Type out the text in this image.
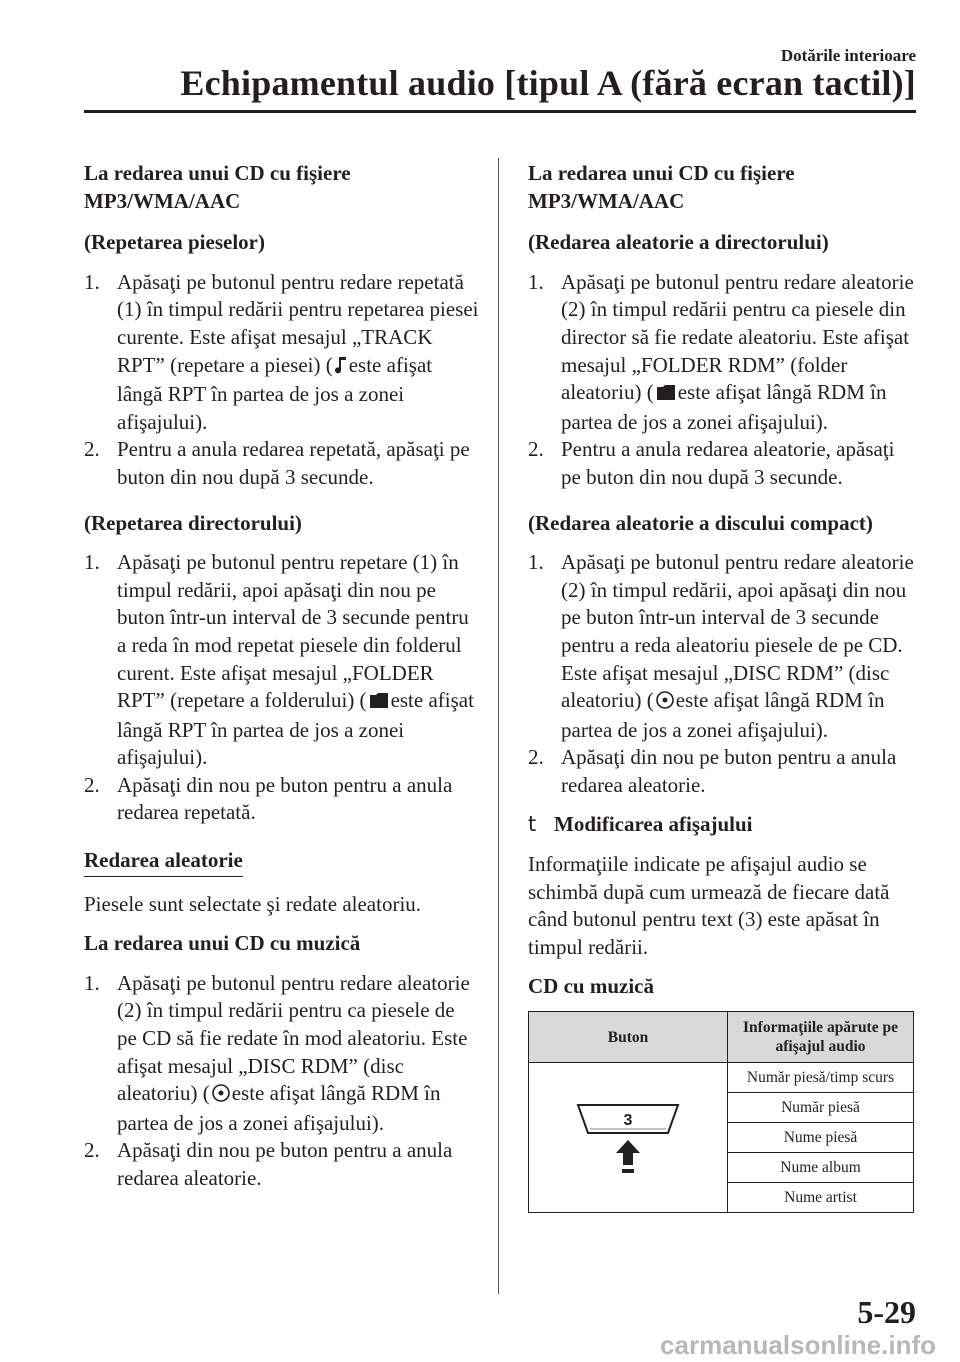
Dotările interioare
Echipamentul audio [tipul A (fără ecran tactil)]
La redarea unui CD cu fişiere
MP3/WMA/AAC
(Repetarea pieselor)
1. Apăsaţi pe butonul pentru redare repetată (1) în timpul redării pentru repetarea piesei curente. Este afişat mesajul „TRACK RPT” (repetare a piesei) ( este afişat lângă RPT în partea de jos a zonei afişajului).
2. Pentru a anula redarea repetată, apăsaţi pe buton din nou după 3 secunde.
(Repetarea directorului)
1. Apăsaţi pe butonul pentru repetare (1) în timpul redării, apoi apăsaţi din nou pe buton într-un interval de 3 secunde pentru a reda în mod repetat piesele din folderul curent. Este afişat mesajul „FOLDER RPT” (repetare a folderului) ( este afişat lângă RPT în partea de jos a zonei afişajului).
2. Apăsaţi din nou pe buton pentru a anula redarea repetată.
Redarea aleatorie
Piesele sunt selectate şi redate aleatoriu.
La redarea unui CD cu muzică
1. Apăsaţi pe butonul pentru redare aleatorie (2) în timpul redării pentru ca piesele de pe CD să fie redate în mod aleatoriu. Este afişat mesajul „DISC RDM” (disc aleatoriu) ( este afişat lângă RDM în partea de jos a zonei afişajului).
2. Apăsaţi din nou pe buton pentru a anula redarea aleatorie.
La redarea unui CD cu fişiere
MP3/WMA/AAC
(Redarea aleatorie a directorului)
1. Apăsaţi pe butonul pentru redare aleatorie (2) în timpul redării pentru ca piesele din director să fie redate aleatoriu. Este afişat mesajul „FOLDER RDM” (folder aleatoriu) ( este afişat lângă RDM în partea de jos a zonei afişajului).
2. Pentru a anula redarea aleatorie, apăsaţi pe buton din nou după 3 secunde.
(Redarea aleatorie a discului compact)
1. Apăsaţi pe butonul pentru redare aleatorie (2) în timpul redării, apoi apăsaţi din nou pe buton într-un interval de 3 secunde pentru a reda aleatoriu piesele de pe CD. Este afişat mesajul „DISC RDM” (disc aleatoriu) ( este afişat lângă RDM în partea de jos a zonei afişajului).
2. Apăsaţi din nou pe buton pentru a anula redarea aleatorie.
t Modificarea afişajului
Informaţiile indicate pe afişajul audio se schimbă după cum urmează de fiecare dată când butonul pentru text (3) este apăsat în timpul redării.
CD cu muzică
Buton	Informaţiile apărute pe afişajul audio

3	Număr piesă/timp scurs
	Număr piesă
	Nume piesă
	Nume album
	Nume artist
5-29
carmanualsonline.info
